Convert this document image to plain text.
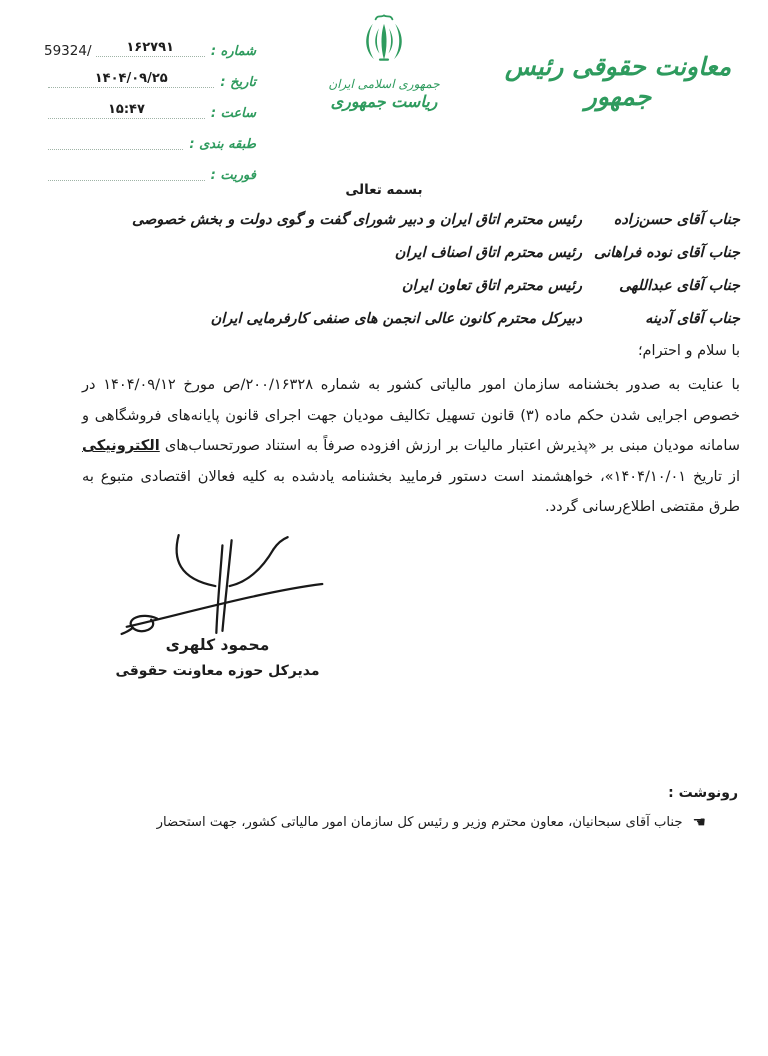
شماره :
۱۶۲۷۹۱
59324/
تاریخ :
۱۴۰۴/۰۹/۲۵
ساعت :
۱۵:۴۷
طبقه بندی :
فوریت :
جمهوری اسلامی ایران
ریاست جمهوری
معاونت حقوقی رئیس جمهور
بسمه تعالی
جناب آقای حسن‌زاده
رئیس محترم اتاق ایران و دبیر شورای گفت و گوی دولت و بخش خصوصی
جناب آقای نوده فراهانی
رئیس محترم اتاق اصناف ایران
جناب آقای عبداللهی
رئیس محترم اتاق تعاون ایران
جناب آقای آدینه
دبیرکل محترم کانون عالی انجمن های صنفی کارفرمایی ایران
با سلام و احترام؛
با عنایت به صدور بخشنامه سازمان امور مالیاتی کشور به شماره ۲۰۰/۱۶۳۲۸/ص مورخ ۱۴۰۴/۰۹/۱۲ در خصوص اجرایی شدن حکم ماده (۳) قانون تسهیل تکالیف مودیان جهت اجرای قانون پایانه‌های فروشگاهی و سامانه مودیان مبنی بر «پذیرش اعتبار مالیات بر ارزش افزوده صرفاً به استناد صورتحساب‌های الکترونیکی از تاریخ ۱۴۰۴/۱۰/۰۱»، خواهشمند است دستور فرمایید بخشنامه یادشده به کلیه فعالان اقتصادی متبوع به طرق مقتضی اطلاع‌رسانی گردد.
محمود کلهری
مدیرکل حوزه معاونت حقوقی
رونوشت :
☚جناب آقای سبحانیان، معاون محترم وزیر و رئیس کل سازمان امور مالیاتی کشور، جهت استحضار
